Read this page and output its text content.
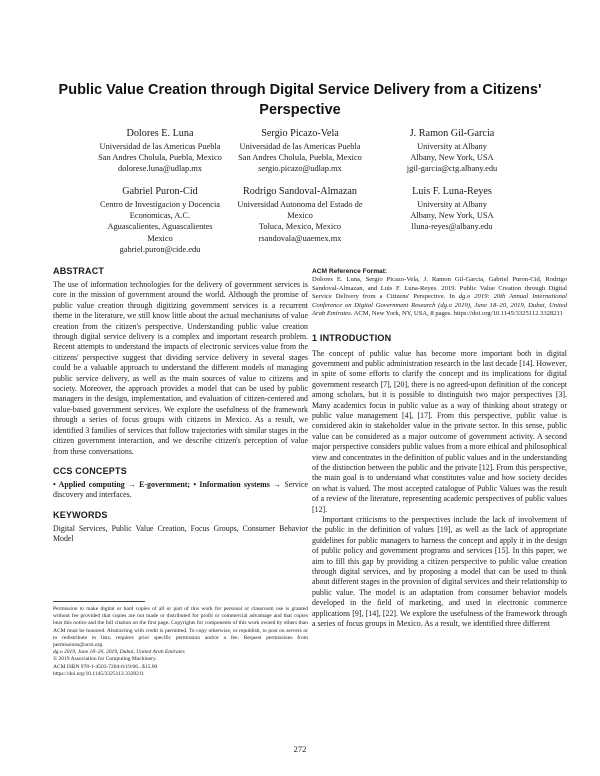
Public Value Creation through Digital Service Delivery from a Citizens' Perspective
Dolores E. Luna
Universidad de las Americas Puebla
San Andres Cholula, Puebla, Mexico
dolorese.luna@udlap.mx
Sergio Picazo-Vela
Universidad de las Americas Puebla
San Andres Cholula, Puebla, Mexico
sergio.picazo@udlap.mx
J. Ramon Gil-Garcia
University at Albany
Albany, New York, USA
jgil-garcia@ctg.albany.edu
Gabriel Puron-Cid
Centro de Investigacion y Docencia
Economicas, A.C.
Aguascalientes, Aguascalientes
Mexico
gabriel.puron@cide.edu
Rodrigo Sandoval-Almazan
Universidad Autonoma del Estado de
Mexico
Toluca, Mexico, Mexico
rsandovala@uaemex.mx
Luis F. Luna-Reyes
University at Albany
Albany, New York, USA
lluna-reyes@albany.edu
ABSTRACT

The use of information technologies for the delivery of government services is core in the mission of government around the world. Although the promise of public value creation through digitizing government services is a recurrent theme in the literature, we still know little about the actual mechanisms of value creation from the citizen's perspective. Understanding public value creation through digital service delivery is a complex and important research problem. Recent attempts to understand the impacts of electronic services value from the citizens' perspective suggest that dividing service delivery in several stages could be a valuable approach to understand the different models of managing public service delivery, as well as the main sources of value to citizens and society. Moreover, the approach provides a model that can be used by public managers in the design, implementation, and evaluation of citizen-centered and value-based government services. We explore the usefulness of the framework through a series of focus groups with citizens in Mexico. As a result, we identified 3 families of services that follow trajectories with similar stages in the citizen government interaction, and we describe citizen's perception of value from these conversations.

CCS CONCEPTS

• Applied computing → E-government; • Information systems → Service discovery and interfaces.

KEYWORDS

Digital Services, Public Value Creation, Focus Groups, Consumer Behavior Model

Permission to make digital or hard copies of all or part of this work for personal or classroom use is granted without fee provided that copies are not made or distributed for profit or commercial advantage and that copies bear this notice and the full citation on the first page. Copyrights for components of this work owned by others than ACM must be honored. Abstracting with credit is permitted. To copy otherwise, or republish, to post on servers or to redistribute to lists, requires prior specific permission and/or a fee. Request permissions from permissions@acm.org.

dg.o 2019, June 18–20, 2019, Dubai, United Arab Emirates
© 2019 Association for Computing Machinery.
ACM ISBN 978-1-4503-7204-6/19/06...$15.00
https://doi.org/10.1145/3325112.3328211
ACM Reference Format:

Dolores E. Luna, Sergio Picazo-Vela, J. Ramon Gil-Garcia, Gabriel Puron-Cid, Rodrigo Sandoval-Almazan, and Luis F. Luna-Reyes. 2019. Public Value Creation through Digital Service Delivery from a Citizens' Perspective. In dg.o 2019: 20th Annual International Conference on Digital Government Research (dg.o 2019), June 18–20, 2019, Dubai, United Arab Emirates. ACM, New York, NY, USA, 8 pages. https://doi.org/10.1145/3325112.3328211

1 INTRODUCTION

The concept of public value has become more important both in digital government and public administration research in the last decade [14]. However, in spite of some efforts to clarify the concept and its implications for digital government research [7], [20], there is no agreed-upon definition of the concept among scholars, but it is possible to distinguish two major perspectives [3]. Many academics focus in public value as a way of thinking about strategy or public value management [4], [17]. From this perspective, public value is considered akin to stakeholder value in the private sector. In this sense, public value can be considered as a major outcome of government activity. A second major perspective considers public values from a more ethical and philosophical view and concentrates in the definition of public values and in the understanding of the distinction between the public and the private [12]. From this perspective, the main goal is to understand what constitutes value and how society decides on what is valued. The most accepted catalogue of Public Values was the result of a review of the literature, representing academic perspectives of public values [12].

Important criticisms to the perspectives include the lack of involvement of the public in the definition of values [19], as well as the lack of appropriate guidelines for public managers to harness the concept and apply it in the design of public policy and government programs and services [15]. In this paper, we aim to fill this gap by providing a citizen perspective to public value creation through digital services, and by proposing a model that can be used to think about different stages in the provision of digital services and their relationship to public value. The model is an adaptation from consumer behavior models developed in the field of marketing, and used in electronic commerce applications [9], [14], [22]. We explore the usefulness of the framework through a series of focus groups in Mexico. As a result, we identified three different

272
